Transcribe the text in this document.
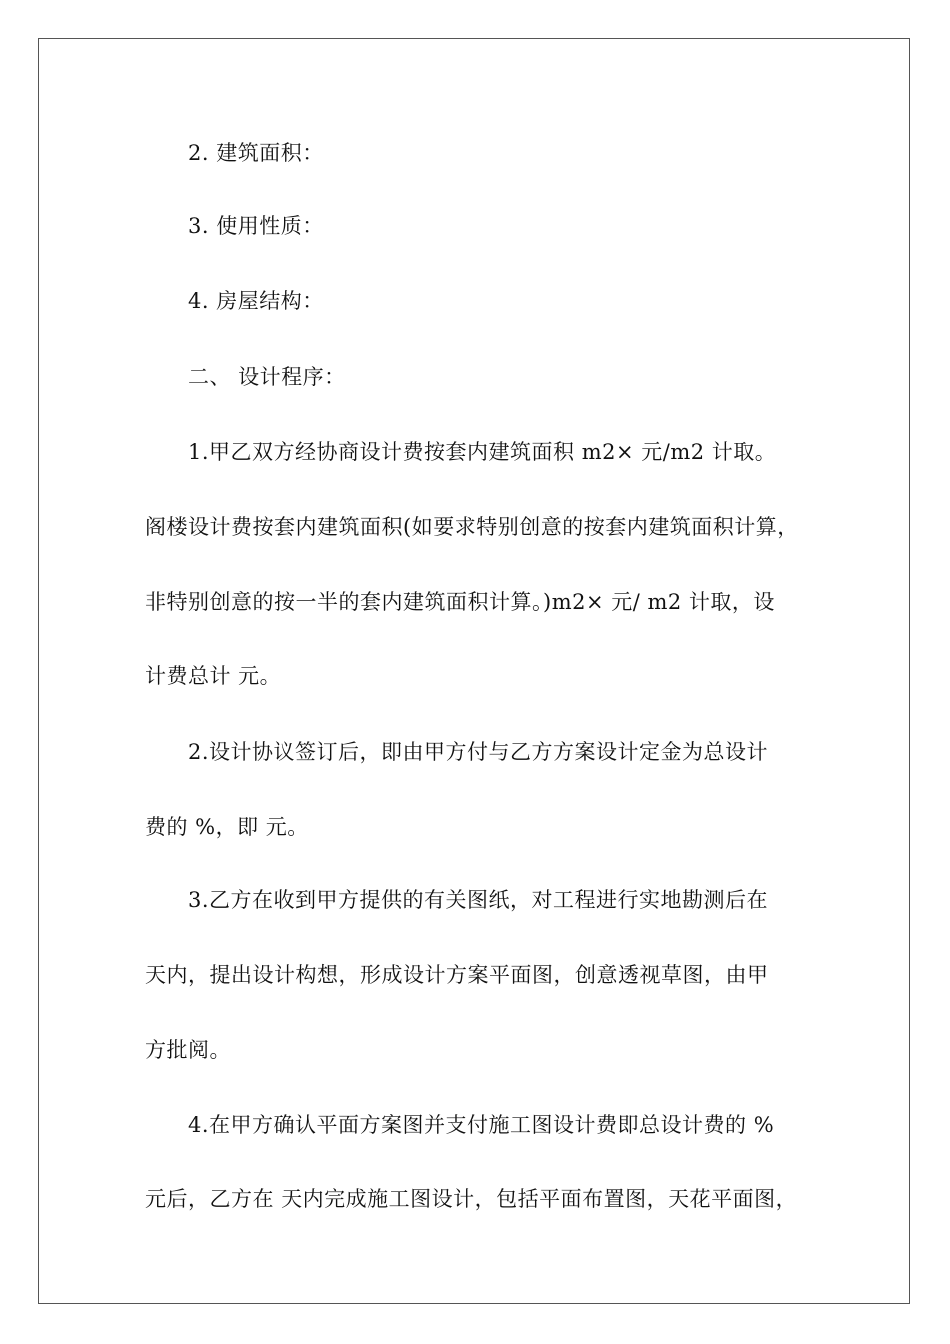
2. 建筑面积：
3. 使用性质：
4. 房屋结构：
二、 设计程序：
1.甲乙双方经协商设计费按套内建筑面积 m2× 元/m2 计取。
阁楼设计费按套内建筑面积(如要求特别创意的按套内建筑面积计算，
非特别创意的按一半的套内建筑面积计算。)m2× 元/ m2 计取，设
计费总计 元。
2.设计协议签订后，即由甲方付与乙方方案设计定金为总设计
费的 %，即 元。
3.乙方在收到甲方提供的有关图纸，对工程进行实地勘测后在
天内，提出设计构想，形成设计方案平面图，创意透视草图，由甲
方批阅。
4.在甲方确认平面方案图并支付施工图设计费即总设计费的 %
元后，乙方在 天内完成施工图设计，包括平面布置图，天花平面图，
